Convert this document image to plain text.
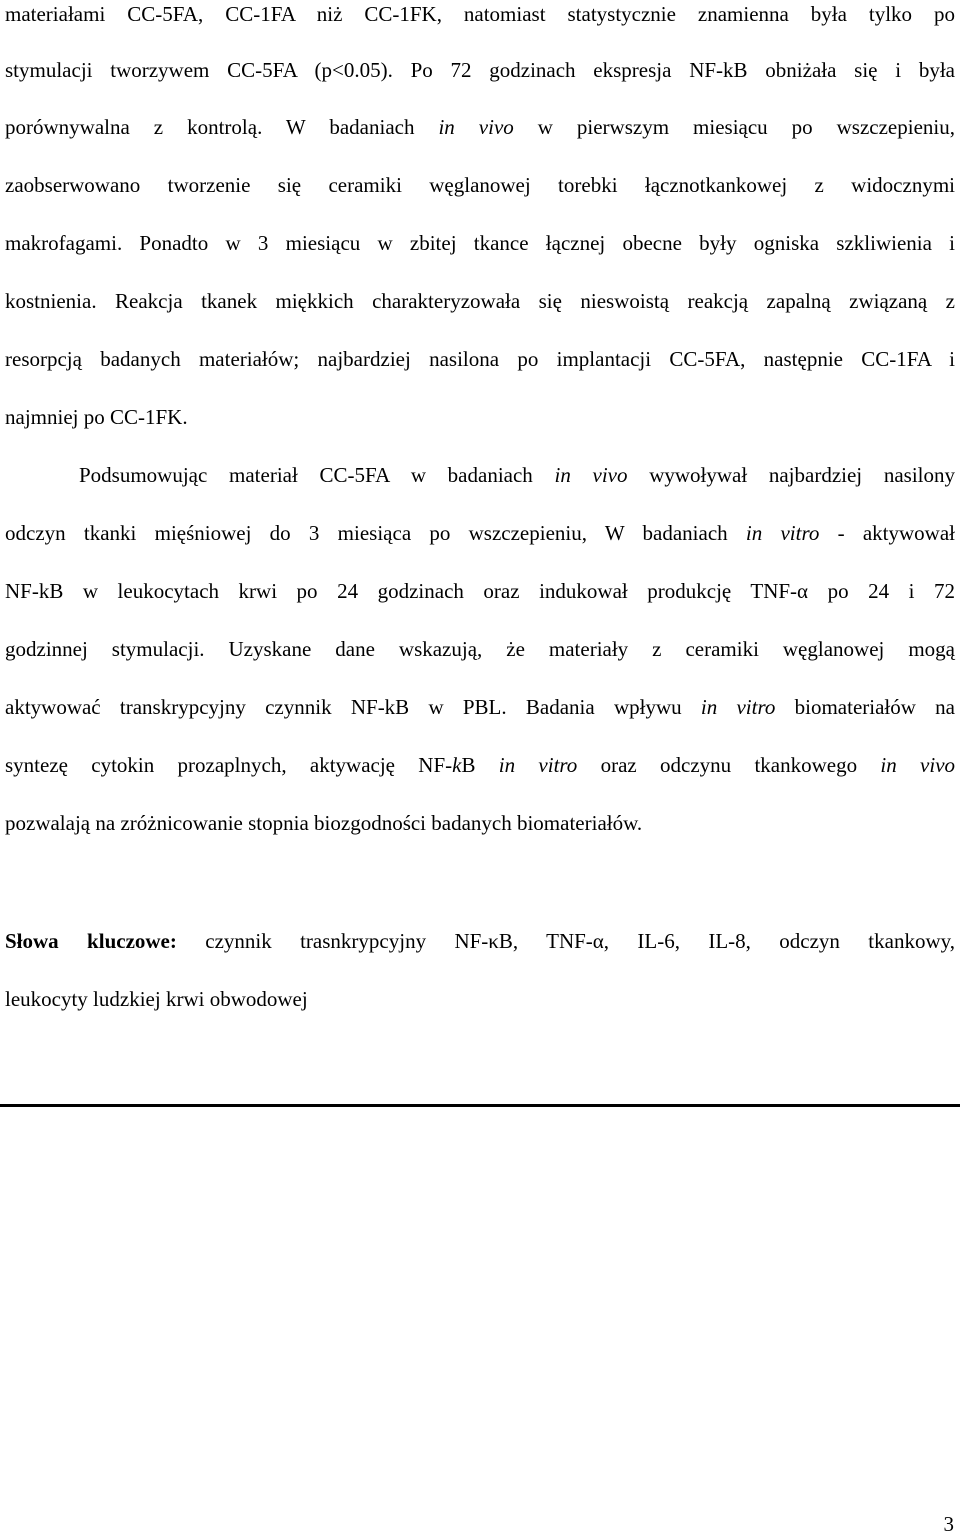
materiałami CC-5FA, CC-1FA niż CC-1FK, natomiast statystycznie znamienna była tylko po

stymulacji tworzywem CC-5FA (p<0.05). Po 72 godzinach ekspresja NF-kB obniżała się i była

porównywalna z kontrolą. W badaniach in vivo w pierwszym miesiącu po wszczepieniu,

zaobserwowano tworzenie się ceramiki węglanowej torebki łącznotkankowej z widocznymi

makrofagami. Ponadto w 3 miesiącu w zbitej tkance łącznej obecne były ogniska szkliwienia i

kostnienia. Reakcja tkanek miękkich charakteryzowała się nieswoistą reakcją zapalną związaną z

resorpcją badanych materiałów; najbardziej nasilona po implantacji CC-5FA, następnie CC-1FA i

najmniej po CC-1FK.

Podsumowując materiał CC-5FA w badaniach in vivo wywoływał najbardziej nasilony

odczyn tkanki mięśniowej do 3 miesiąca po wszczepieniu, W badaniach in vitro - aktywował

NF-kB w leukocytach krwi po 24 godzinach oraz indukował produkcję TNF-α po 24 i 72

godzinnej stymulacji. Uzyskane dane wskazują, że materiały z ceramiki węglanowej mogą

aktywować transkrypcyjny czynnik NF-kB w PBL. Badania wpływu in vitro biomateriałów na

syntezę cytokin prozaplnych, aktywację NF-kB in vitro oraz odczynu tkankowego in vivo

pozwalają na zróżnicowanie stopnia biozgodności badanych biomateriałów.

Słowa kluczowe: czynnik trasnkrypcyjny NF-κB, TNF-α, IL-6, IL-8, odczyn tkankowy,

leukocyty ludzkiej krwi obwodowej

3
